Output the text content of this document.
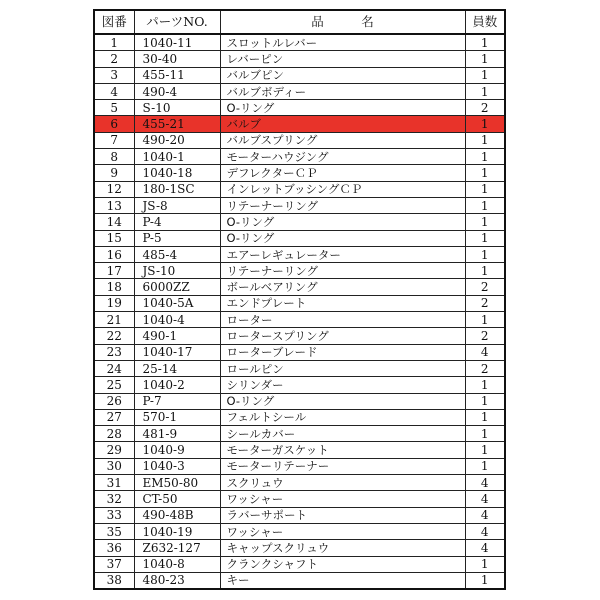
図番	パーツNO.	品　　　名	員数
1	1040-11	スロットルレバー	1
2	30-40	レバーピン	1
3	455-11	バルブピン	1
4	490-4	バルブボディー	1
5	S-10	O-リング	2
6	455-21	バルブ	1
7	490-20	バルブスプリング	1
8	1040-1	モーターハウジング	1
9	1040-18	デフレクターＣＰ	1
12	180-1SC	インレットブッシングＣＰ	1
13	JS-8	リテーナーリング	1
14	P-4	O-リング	1
15	P-5	O-リング	1
16	485-4	エアーレギュレーター	1
17	JS-10	リテーナーリング	1
18	6000ZZ	ボールベアリング	2
19	1040-5A	エンドプレート	2
21	1040-4	ローター	1
22	490-1	ロータースプリング	2
23	1040-17	ローターブレード	4
24	25-14	ロールピン	2
25	1040-2	シリンダー	1
26	P-7	O-リング	1
27	570-1	フェルトシール	1
28	481-9	シールカバー	1
29	1040-9	モーターガスケット	1
30	1040-3	モーターリテーナー	1
31	EM50-80	スクリュウ	4
32	CT-50	ワッシャー	4
33	490-48B	ラバーサポート	4
35	1040-19	ワッシャー	4
36	Z632-127	キャップスクリュウ	4
37	1040-8	クランクシャフト	1
38	480-23	キー	1
